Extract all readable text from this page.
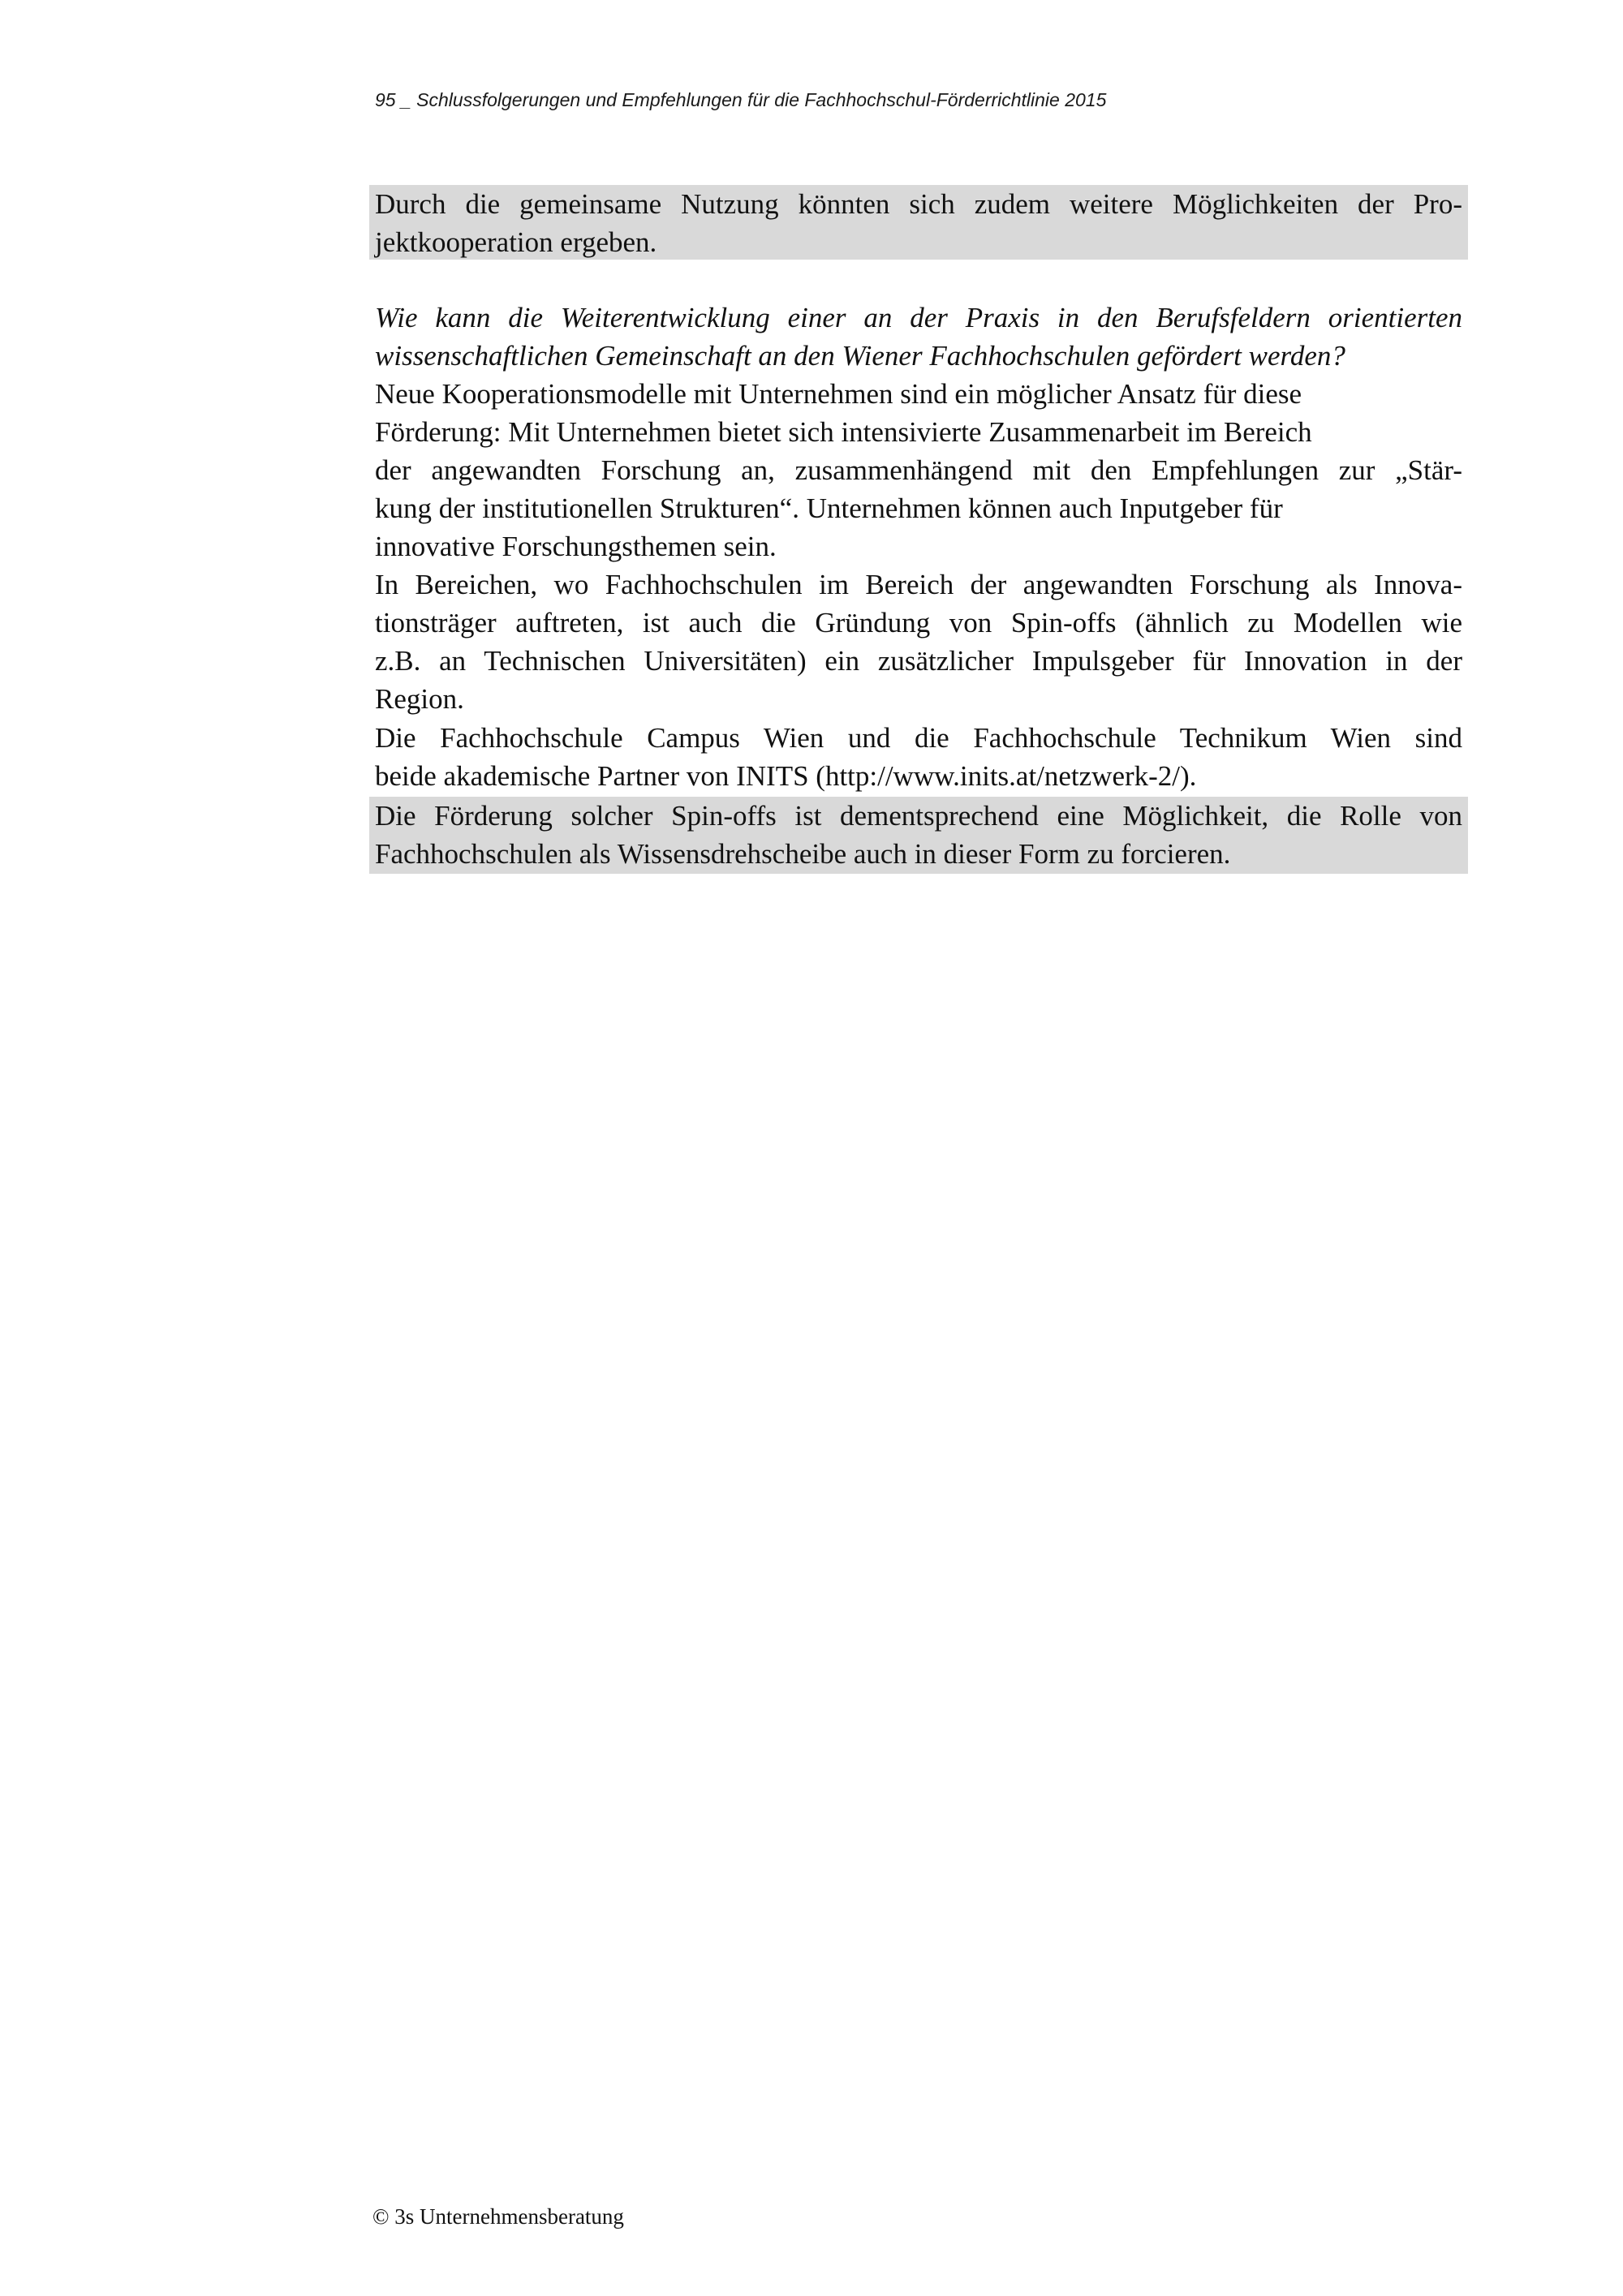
95 _ Schlussfolgerungen und Empfehlungen für die Fachhochschul-Förderrichtlinie 2015
Durch die gemeinsame Nutzung könnten sich zudem weitere Möglichkeiten der Pro-
jektkooperation ergeben.
Wie kann die Weiterentwicklung einer an der Praxis in den Berufsfeldern orientierten
wissenschaftlichen Gemeinschaft an den Wiener Fachhochschulen gefördert werden?
Neue Kooperationsmodelle mit Unternehmen sind ein möglicher Ansatz für diese
Förderung: Mit Unternehmen bietet sich intensivierte Zusammenarbeit im Bereich
der angewandten Forschung an, zusammenhängend mit den Empfehlungen zur „Stär-
kung der institutionellen Strukturen“. Unternehmen können auch Inputgeber für
innovative Forschungsthemen sein.
In Bereichen, wo Fachhochschulen im Bereich der angewandten Forschung als Innova-
tionsträger auftreten, ist auch die Gründung von Spin-offs (ähnlich zu Modellen wie
z.B. an Technischen Universitäten) ein zusätzlicher Impulsgeber für Innovation in der
Region.
Die Fachhochschule Campus Wien und die Fachhochschule Technikum Wien sind
beide akademische Partner von INITS (http://www.inits.at/netzwerk-2/).
Die Förderung solcher Spin-offs ist dementsprechend eine Möglichkeit, die Rolle von
Fachhochschulen als Wissensdrehscheibe auch in dieser Form zu forcieren.
© 3s Unternehmensberatung
